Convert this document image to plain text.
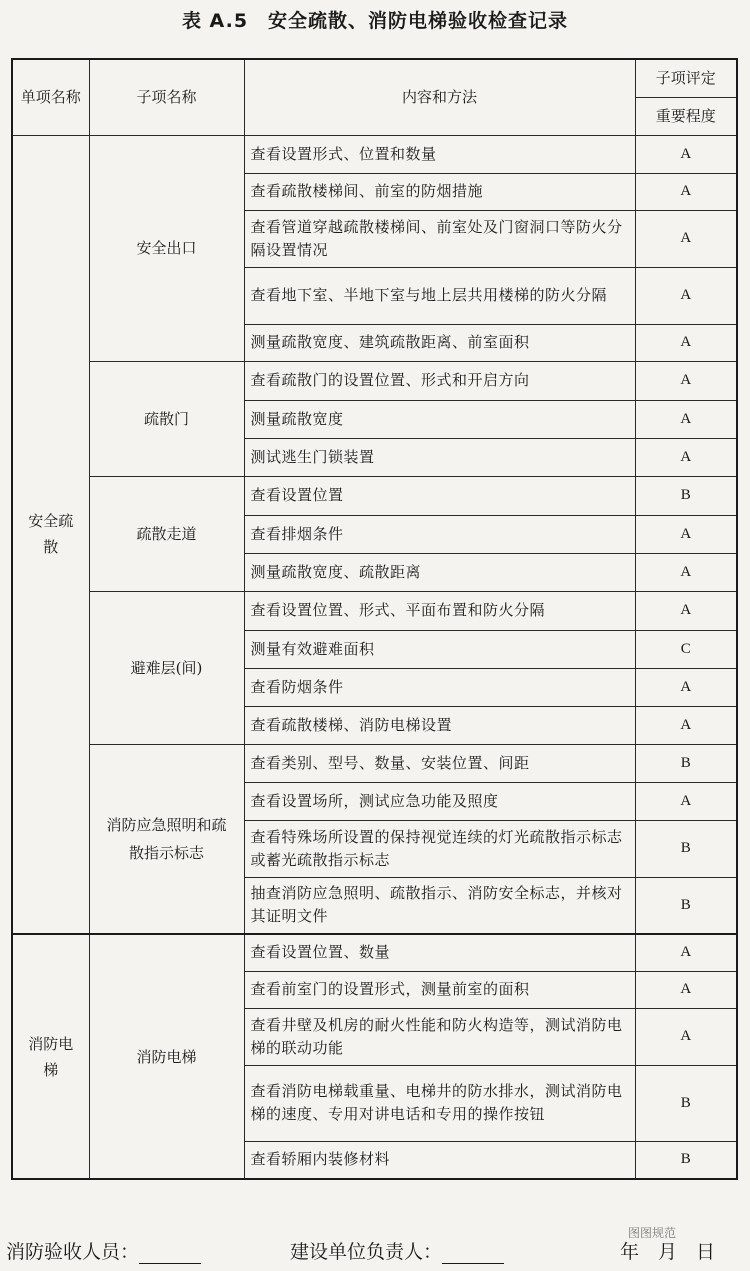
表 A.5　安全疏散、消防电梯验收检查记录
单项名称	子项名称	内容和方法	子项评定
			重要程度
安全疏散	安全出口	查看设置形式、位置和数量	A
		查看疏散楼梯间、前室的防烟措施	A
		查看管道穿越疏散楼梯间、前室处及门窗洞口等防火分隔设置情况	A
		查看地下室、半地下室与地上层共用楼梯的防火分隔	A
		测量疏散宽度、建筑疏散距离、前室面积	A
	疏散门	查看疏散门的设置位置、形式和开启方向	A
		测量疏散宽度	A
		测试逃生门锁装置	A
	疏散走道	查看设置位置	B
		查看排烟条件	A
		测量疏散宽度、疏散距离	A
	避难层(间)	查看设置位置、形式、平面布置和防火分隔	A
		测量有效避难面积	C
		查看防烟条件	A
		查看疏散楼梯、消防电梯设置	A
	消防应急照明和疏散指示标志	查看类别、型号、数量、安装位置、间距	B
		查看设置场所，测试应急功能及照度	A
		查看特殊场所设置的保持视觉连续的灯光疏散指示标志或蓄光疏散指示标志	B
		抽查消防应急照明、疏散指示、消防安全标志，并核对其证明文件	B
消防电梯	消防电梯	查看设置位置、数量	A
		查看前室门的设置形式，测量前室的面积	A
		查看井壁及机房的耐火性能和防火构造等，测试消防电梯的联动功能	A
		查看消防电梯载重量、电梯井的防水排水，测试消防电梯的速度、专用对讲电话和专用的操作按钮	B
		查看轿厢内装修材料	B
消防验收人员：	建设单位负责人：	年　月　日
图图规范
